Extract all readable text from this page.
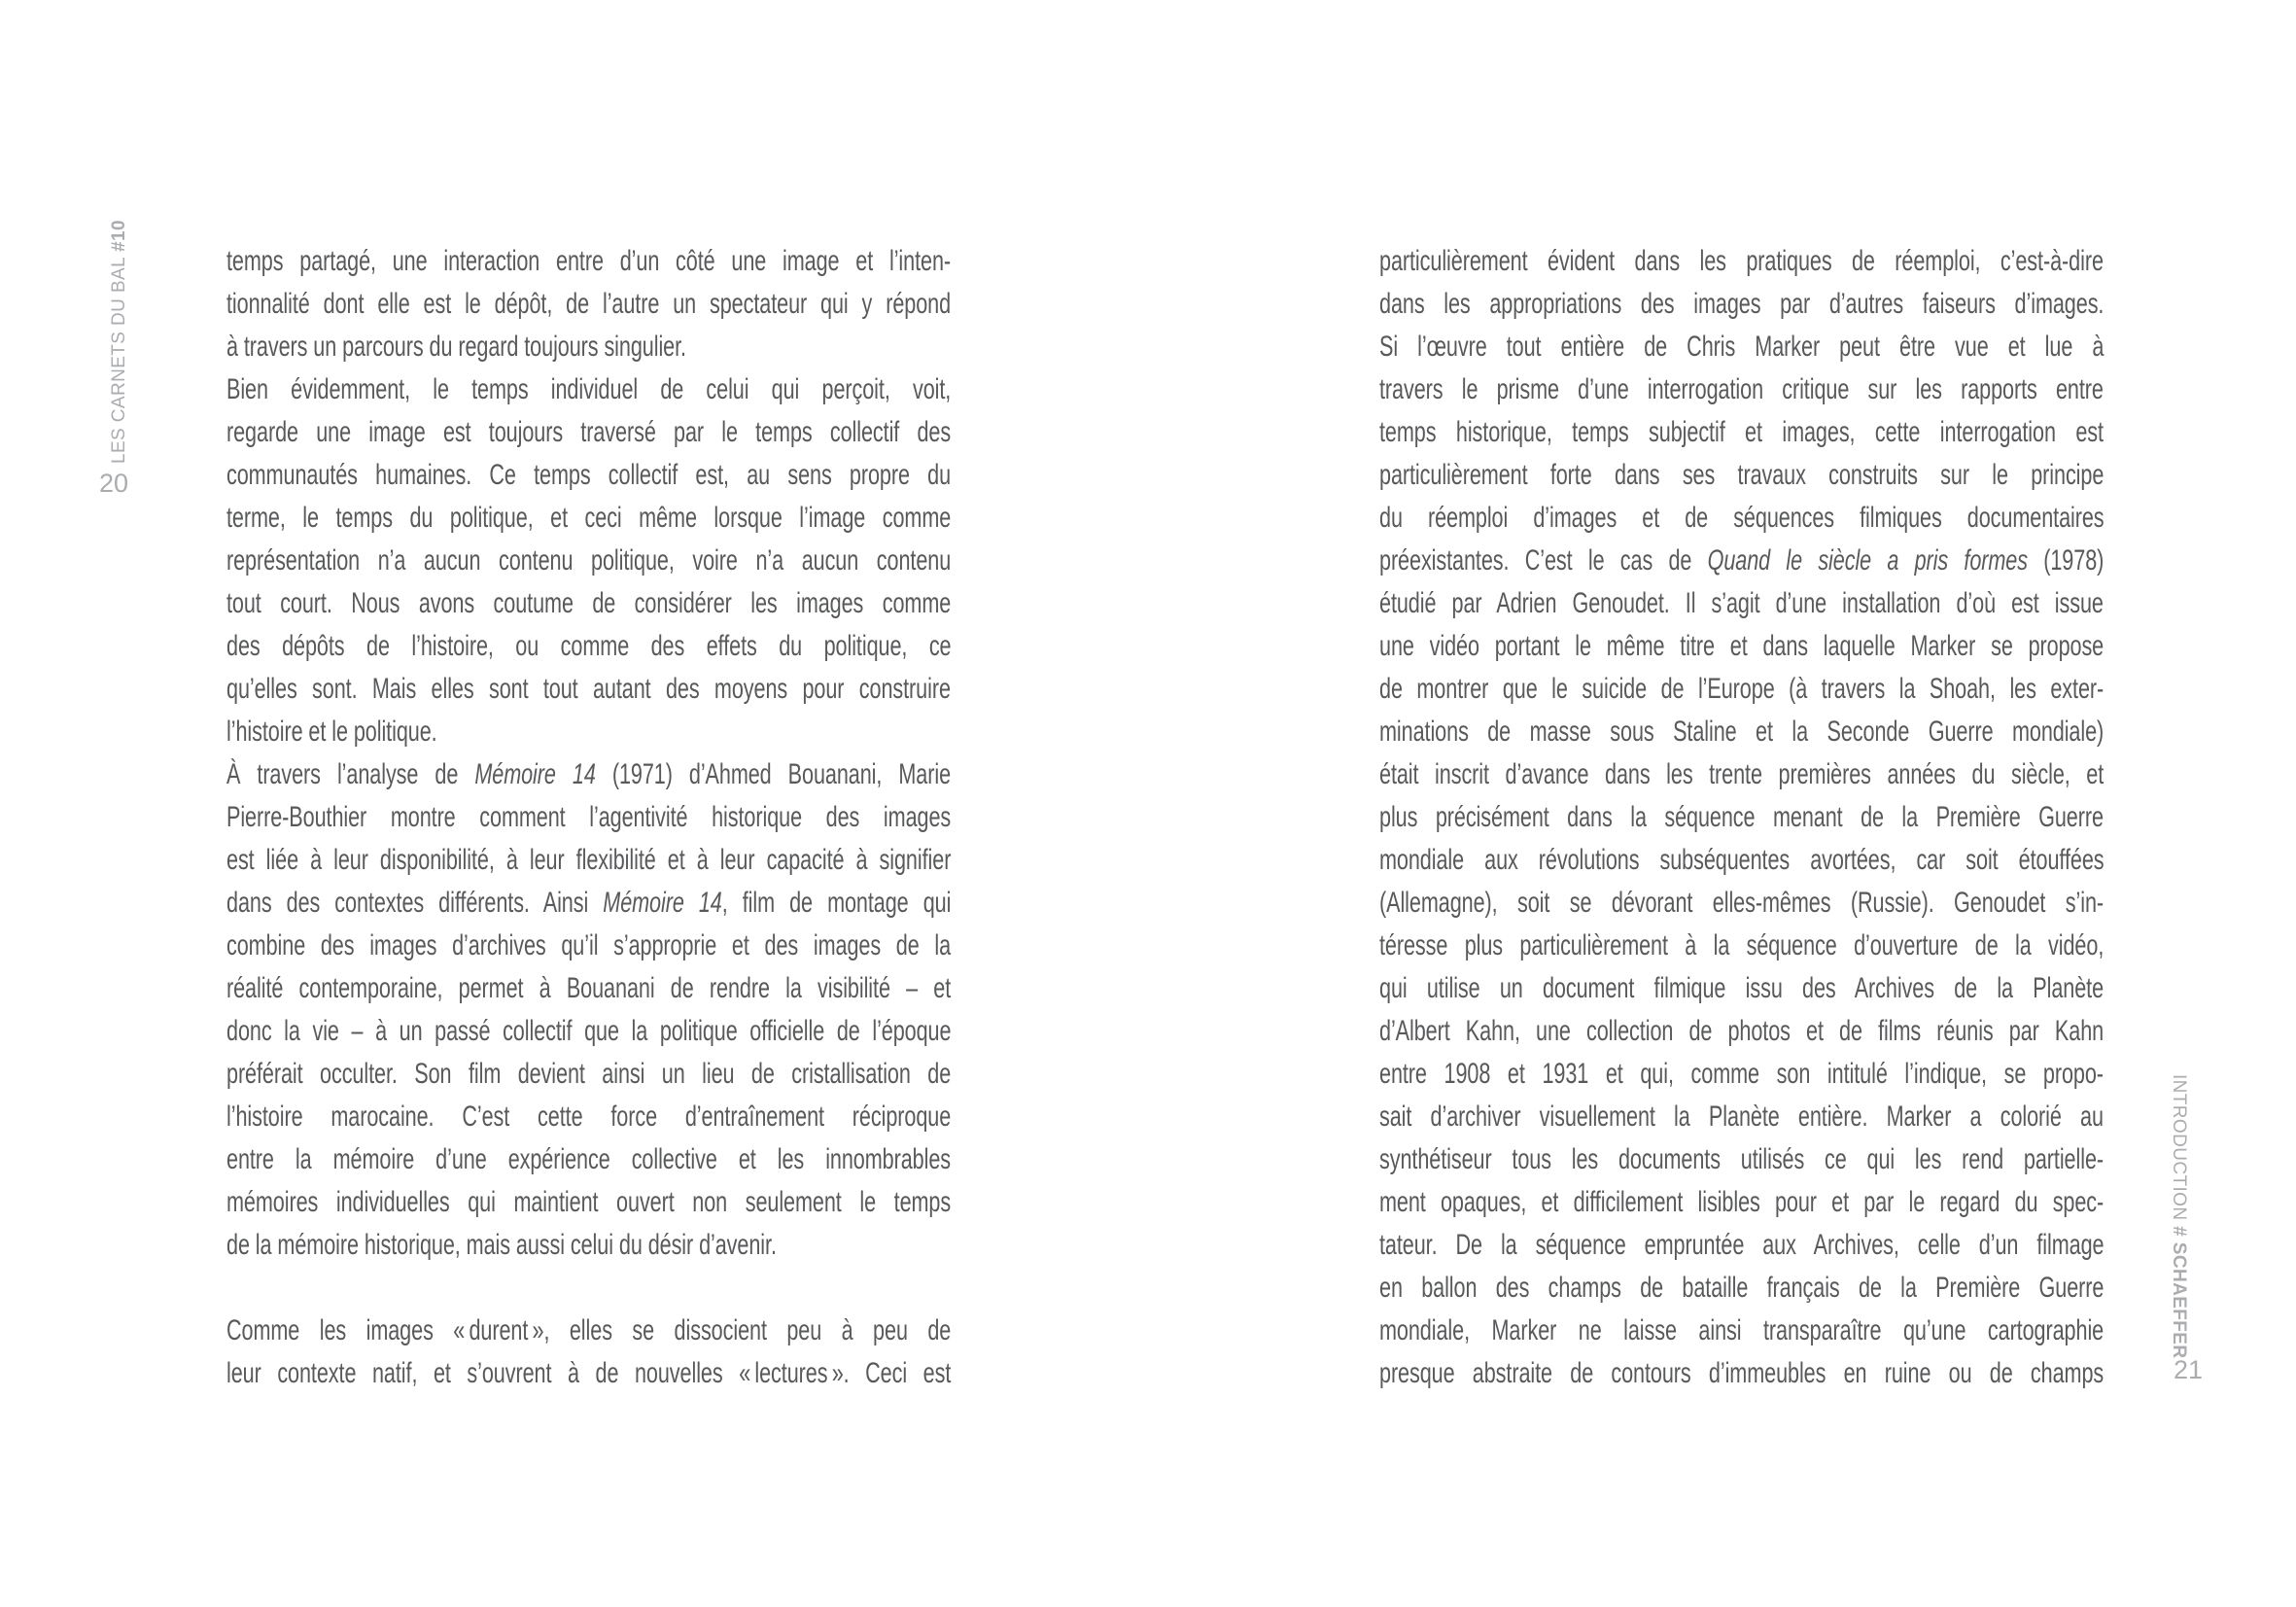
LES CARNETS DU BAL #10
20
temps partagé, une interaction entre d’un côté une image et l’inten-
tionnalité dont elle est le dépôt, de l’autre un spectateur qui y répond
à travers un parcours du regard toujours singulier.
Bien évidemment, le temps individuel de celui qui perçoit, voit,
regarde une image est toujours traversé par le temps collectif des
communautés humaines. Ce temps collectif est, au sens propre du
terme, le temps du politique, et ceci même lorsque l’image comme
représentation n’a aucun contenu politique, voire n’a aucun contenu
tout court. Nous avons coutume de considérer les images comme
des dépôts de l’histoire, ou comme des effets du politique, ce
qu’elles sont. Mais elles sont tout autant des moyens pour construire
l’histoire et le politique.
À travers l’analyse de Mémoire 14 (1971) d’Ahmed Bouanani, Marie
Pierre-Bouthier montre comment l’agentivité historique des images
est liée à leur disponibilité, à leur flexibilité et à leur capacité à signifier
dans des contextes différents. Ainsi Mémoire 14, film de montage qui
combine des images d’archives qu’il s’approprie et des images de la
réalité contemporaine, permet à Bouanani de rendre la visibilité – et
donc la vie – à un passé collectif que la politique officielle de l’époque
préférait occulter. Son film devient ainsi un lieu de cristallisation de
l’histoire marocaine. C’est cette force d’entraînement réciproque
entre la mémoire d’une expérience collective et les innombrables
mémoires individuelles qui maintient ouvert non seulement le temps
de la mémoire historique, mais aussi celui du désir d’avenir.
Comme les images « durent », elles se dissocient peu à peu de
leur contexte natif, et s’ouvrent à de nouvelles « lectures ». Ceci est
INTRODUCTION # SCHAEFFER
21
particulièrement évident dans les pratiques de réemploi, c’est-à-dire
dans les appropriations des images par d’autres faiseurs d’images.
Si l’œuvre tout entière de Chris Marker peut être vue et lue à
travers le prisme d’une interrogation critique sur les rapports entre
temps historique, temps subjectif et images, cette interrogation est
particulièrement forte dans ses travaux construits sur le principe
du réemploi d’images et de séquences filmiques documentaires
préexistantes. C’est le cas de Quand le siècle a pris formes (1978)
étudié par Adrien Genoudet. Il s’agit d’une installation d’où est issue
une vidéo portant le même titre et dans laquelle Marker se propose
de montrer que le suicide de l’Europe (à travers la Shoah, les exter-
minations de masse sous Staline et la Seconde Guerre mondiale)
était inscrit d’avance dans les trente premières années du siècle, et
plus précisément dans la séquence menant de la Première Guerre
mondiale aux révolutions subséquentes avortées, car soit étouffées
(Allemagne), soit se dévorant elles-mêmes (Russie). Genoudet s’in-
téresse plus particulièrement à la séquence d’ouverture de la vidéo,
qui utilise un document filmique issu des Archives de la Planète
d’Albert Kahn, une collection de photos et de films réunis par Kahn
entre 1908 et 1931 et qui, comme son intitulé l’indique, se propo-
sait d’archiver visuellement la Planète entière. Marker a colorié au
synthétiseur tous les documents utilisés ce qui les rend partielle-
ment opaques, et difficilement lisibles pour et par le regard du spec-
tateur. De la séquence empruntée aux Archives, celle d’un filmage
en ballon des champs de bataille français de la Première Guerre
mondiale, Marker ne laisse ainsi transparaître qu’une cartographie
presque abstraite de contours d’immeubles en ruine ou de champs
